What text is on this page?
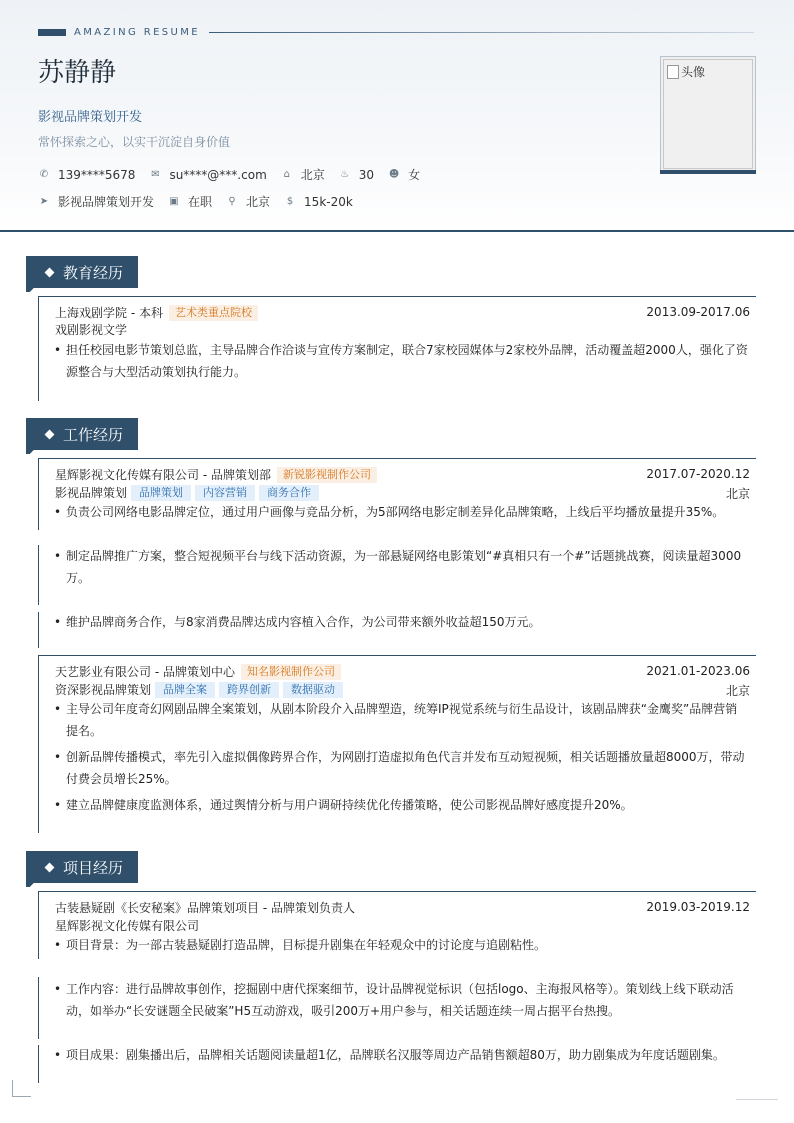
AMAZING RESUME
苏静静
影视品牌策划开发
常怀探索之心，以实干沉淀自身价值
✆ 139****5678 ✉ su****@***.com ⌂ 北京 ♨ 30 ☻ 女
➤ 影视品牌策划开发 ▣ 在职 ⚲ 北京 $ 15k-20k
头像
教育经历
上海戏剧学院 - 本科	艺术类重点院校	2013.09-2017.06
戏剧影视文学
• 担任校园电影节策划总监，主导品牌合作洽谈与宣传方案制定，联合7家校园媒体与2家校外品牌，活动覆盖超2000人，强化了资源整合与大型活动策划执行能力。
工作经历
星辉影视文化传媒有限公司 - 品牌策划部	新锐影视制作公司	2017.07-2020.12
影视品牌策划	品牌策划	内容营销	商务合作	北京
• 负责公司网络电影品牌定位，通过用户画像与竞品分析，为5部网络电影定制差异化品牌策略，上线后平均播放量提升35%。
• 制定品牌推广方案，整合短视频平台与线下活动资源，为一部悬疑网络电影策划“#真相只有一个#”话题挑战赛，阅读量超3000万。
• 维护品牌商务合作，与8家消费品牌达成内容植入合作，为公司带来额外收益超150万元。
天艺影业有限公司 - 品牌策划中心	知名影视制作公司	2021.01-2023.06
资深影视品牌策划	品牌全案	跨界创新	数据驱动	北京
• 主导公司年度奇幻网剧品牌全案策划，从剧本阶段介入品牌塑造，统筹IP视觉系统与衍生品设计，该剧品牌获“金鹰奖”品牌营销提名。
• 创新品牌传播模式，率先引入虚拟偶像跨界合作，为网剧打造虚拟角色代言并发布互动短视频，相关话题播放量超8000万，带动付费会员增长25%。
• 建立品牌健康度监测体系，通过舆情分析与用户调研持续优化传播策略，使公司影视品牌好感度提升20%。
项目经历
古装悬疑剧《长安秘案》品牌策划项目 - 品牌策划负责人	2019.03-2019.12
星辉影视文化传媒有限公司
• 项目背景：为一部古装悬疑剧打造品牌，目标提升剧集在年轻观众中的讨论度与追剧粘性。
• 工作内容：进行品牌故事创作，挖掘剧中唐代探案细节，设计品牌视觉标识（包括logo、主海报风格等）。策划线上线下联动活动，如举办“长安谜题全民破案”H5互动游戏，吸引200万+用户参与，相关话题连续一周占据平台热搜。
• 项目成果：剧集播出后，品牌相关话题阅读量超1亿，品牌联名汉服等周边产品销售额超80万，助力剧集成为年度话题剧集。
